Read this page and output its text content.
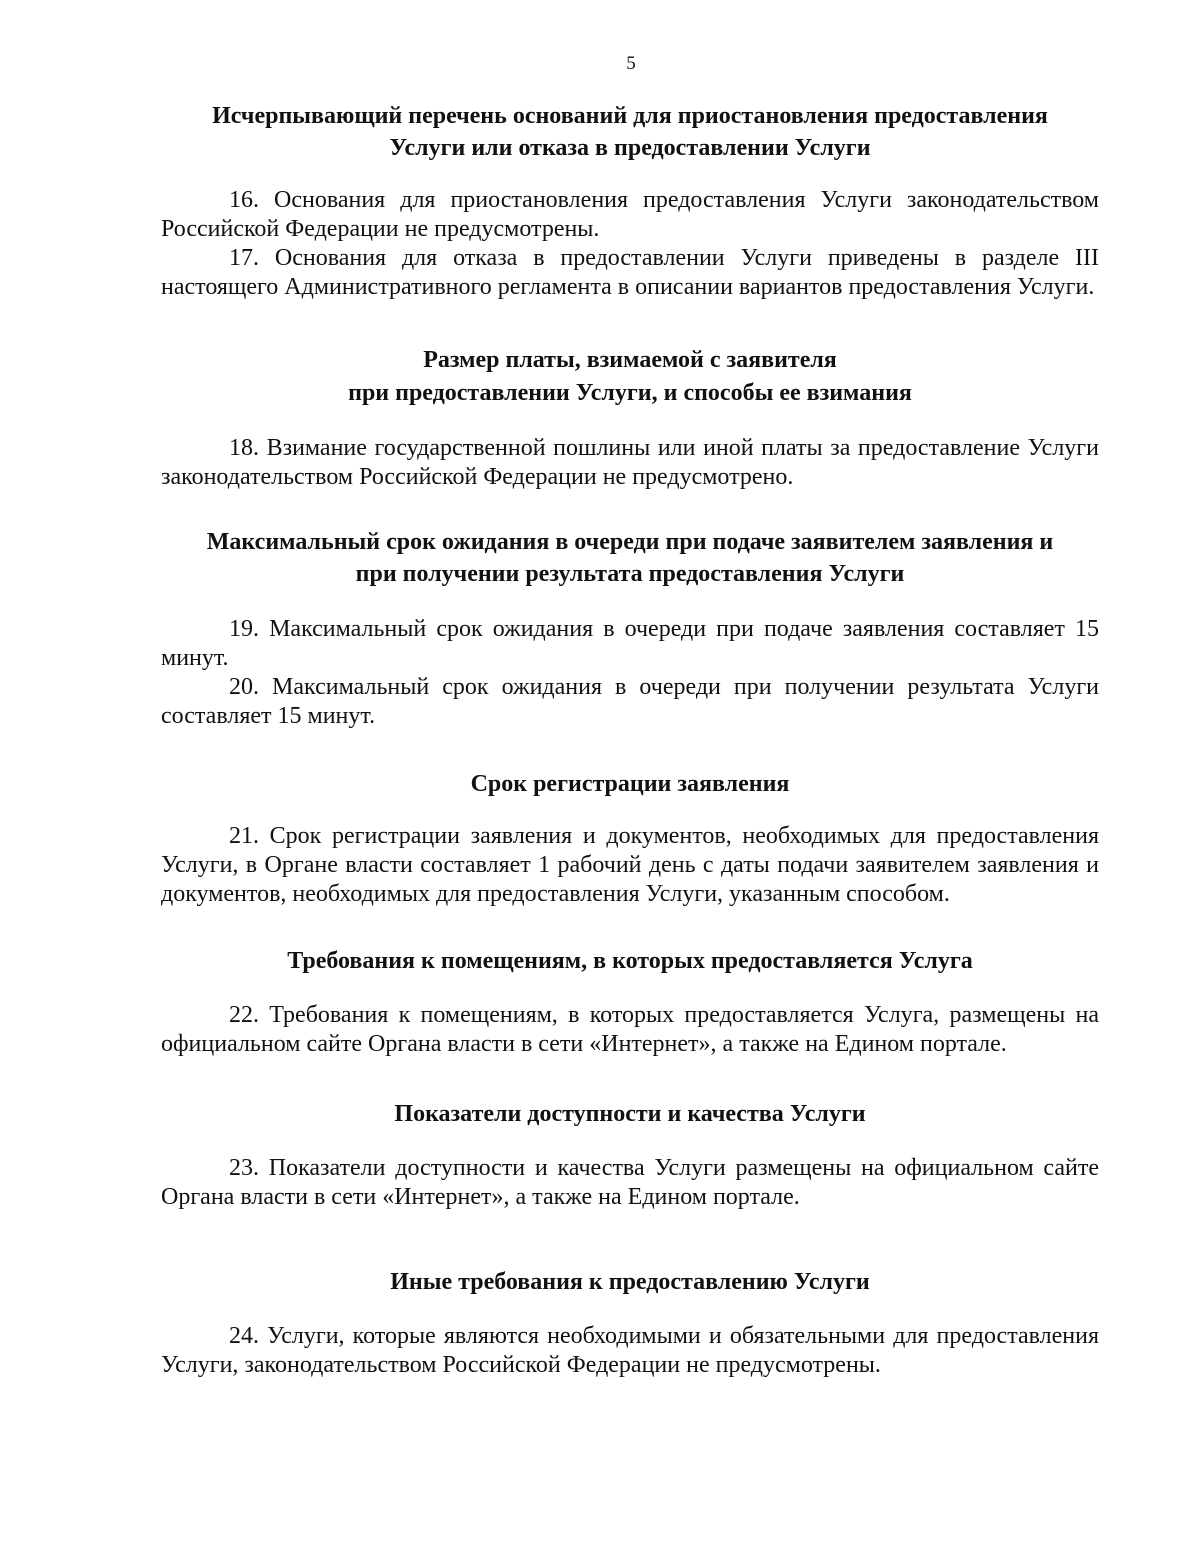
5
Исчерпывающий перечень оснований для приостановления предоставления
Услуги или отказа в предоставлении Услуги

16. Основания для приостановления предоставления Услуги законодательством Российской Федерации не предусмотрены.

17. Основания для отказа в предоставлении Услуги приведены в разделе III настоящего Административного регламента в описании вариантов предоставления Услуги.

Размер платы, взимаемой с заявителя
при предоставлении Услуги, и способы ее взимания

18. Взимание государственной пошлины или иной платы за предоставление Услуги законодательством Российской Федерации не предусмотрено.

Максимальный срок ожидания в очереди при подаче заявителем заявления и
при получении результата предоставления Услуги

19. Максимальный срок ожидания в очереди при подаче заявления составляет 15 минут.

20. Максимальный срок ожидания в очереди при получении результата Услуги составляет 15 минут.

Срок регистрации заявления

21. Срок регистрации заявления и документов, необходимых для предоставления Услуги, в Органе власти составляет 1 рабочий день с даты подачи заявителем заявления и документов, необходимых для предоставления Услуги, указанным способом.

Требования к помещениям, в которых предоставляется Услуга

22. Требования к помещениям, в которых предоставляется Услуга, размещены на официальном сайте Органа власти в сети «Интернет», а также на Едином портале.

Показатели доступности и качества Услуги

23. Показатели доступности и качества Услуги размещены на официальном сайте Органа власти в сети «Интернет», а также на Едином портале.

Иные требования к предоставлению Услуги

24. Услуги, которые являются необходимыми и обязательными для предоставления Услуги, законодательством Российской Федерации не предусмотрены.
